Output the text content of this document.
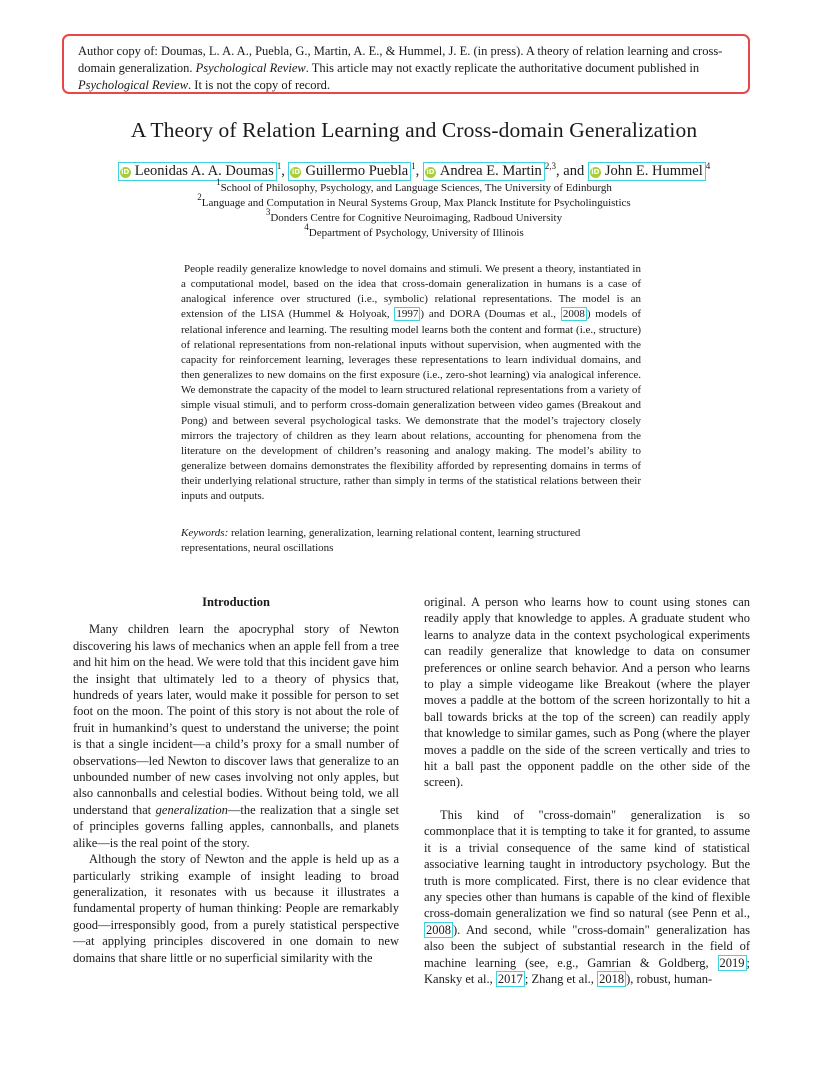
Author copy of: Doumas, L. A. A., Puebla, G., Martin, A. E., & Hummel, J. E. (in press). A theory of relation learning and cross-domain generalization. Psychological Review. This article may not exactly replicate the authoritative document published in Psychological Review. It is not the copy of record.
A Theory of Relation Learning and Cross-domain Generalization
iD Leonidas A. A. Doumas $^1$, iD Guillermo Puebla $^1$, iD Andrea E. Martin $^{2,3}$, and iD John E. Hummel $^4$
$^1$School of Philosophy, Psychology, and Language Sciences, The University of Edinburgh
$^2$Language and Computation in Neural Systems Group, Max Planck Institute for Psycholinguistics
$^3$Donders Centre for Cognitive Neuroimaging, Radboud University
$^4$Department of Psychology, University of Illinois

People readily generalize knowledge to novel domains and stimuli. We present a theory, instantiated in a computational model, based on the idea that cross-domain generalization in humans is a case of analogical inference over structured (i.e., symbolic) relational representations. The model is an extension of the LISA (Hummel & Holyoak, 1997 ) and DORA (Doumas et al., 2008 ) models of relational inference and learning. The resulting model learns both the content and format (i.e., structure) of relational representations from non-relational inputs without supervision, when augmented with the capacity for reinforcement learning, leverages these representations to learn individual domains, and then generalizes to new domains on the first exposure (i.e., zero-shot learning) via analogical inference. We demonstrate the capacity of the model to learn structured relational representations from a variety of simple visual stimuli, and to perform cross-domain generalization between video games (Breakout and Pong) and between several psychological tasks. We demonstrate that the model’s trajectory closely mirrors the trajectory of children as they learn about relations, accounting for phenomena from the literature on the development of children’s reasoning and analogy making. The model’s ability to generalize between domains demonstrates the flexibility afforded by representing domains in terms of their underlying relational structure, rather than simply in terms of the statistical relations between their inputs and outputs.

Keywords: relation learning, generalization, learning relational content, learning structured representations, neural oscillations
Introduction

Many children learn the apocryphal story of Newton discovering his laws of mechanics when an apple fell from a tree and hit him on the head. We were told that this incident gave him the insight that ultimately led to a theory of physics that, hundreds of years later, would make it possible for person to set foot on the moon. The point of this story is not about the role of fruit in humankind’s quest to understand the universe; the point is that a single incident—a child’s proxy for a small number of observations—led Newton to discover laws that generalize to an unbounded number of new cases involving not only apples, but also cannonballs and celestial bodies. Without being told, we all understand that generalization—the realization that a single set of principles governs falling apples, cannonballs, and planets alike—is the real point of the story.

Although the story of Newton and the apple is held up as a particularly striking example of insight leading to broad generalization, it resonates with us because it illustrates a fundamental property of human thinking: People are remarkably good—irresponsibly good, from a purely statistical perspective—at applying principles discovered in one domain to new domains that share little or no superficial similarity with the

original. A person who learns how to count using stones can readily apply that knowledge to apples. A graduate student who learns to analyze data in the context psychological experiments can readily generalize that knowledge to data on consumer preferences or online search behavior. And a person who learns to play a simple videogame like Breakout (where the player moves a paddle at the bottom of the screen horizontally to hit a ball towards bricks at the top of the screen) can readily apply that knowledge to similar games, such as Pong (where the player moves a paddle on the side of the screen vertically and tries to hit a ball past the opponent paddle on the other side of the screen).

This kind of "cross-domain" generalization is so commonplace that it is tempting to take it for granted, to assume it is a trivial consequence of the same kind of statistical associative learning taught in introductory psychology. But the truth is more complicated. First, there is no clear evidence that any species other than humans is capable of the kind of flexible cross-domain generalization we find so natural (see Penn et al., 2008 ). And second, while "cross-domain" generalization has also been the subject of substantial research in the field of machine learning (see, e.g., Gamrian & Goldberg, 2019 ; Kansky et al., 2017 ; Zhang et al., 2018 ), robust, human-
